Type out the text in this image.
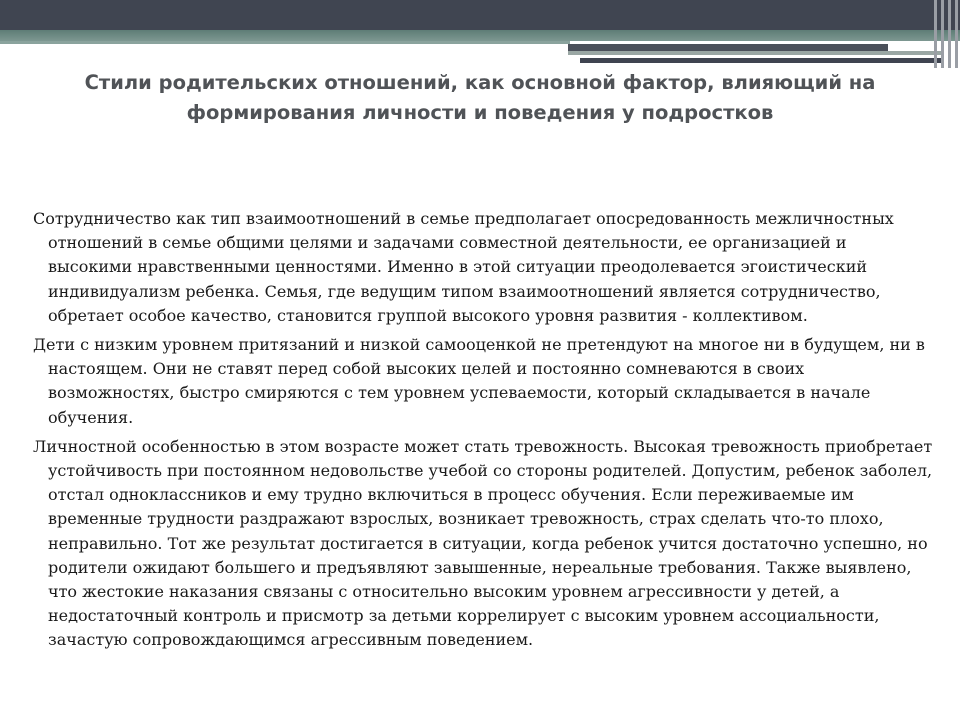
Стили родительских отношений, как основной фактор, влияющий на формирования личности и поведения у подростков

Сотрудничество как тип взаимоотношений в семье предполагает опосредованность межличностных отношений в семье общими целями и задачами совместной деятельности, ее организацией и высокими нравственными ценностями. Именно в этой ситуации преодолевается эгоистический индивидуализм ребенка. Семья, где ведущим типом взаимоотношений является сотрудничество, обретает особое качество, становится группой высокого уровня развития - коллективом.

Дети с низким уровнем притязаний и низкой самооценкой не претендуют на многое ни в будущем, ни в настоящем. Они не ставят перед собой высоких целей и постоянно сомневаются в своих возможностях, быстро смиряются с тем уровнем успеваемости, который складывается в начале обучения.

Личностной особенностью в этом возрасте может стать тревожность. Высокая тревожность приобретает устойчивость при постоянном недовольстве учебой со стороны родителей. Допустим, ребенок заболел, отстал одноклассников и ему трудно включиться в процесс обучения. Если переживаемые им временные трудности раздражают взрослых, возникает тревожность, страх сделать что-то плохо, неправильно. Тот же результат достигается в ситуации, когда ребенок учится достаточно успешно, но родители ожидают большего и предъявляют завышенные, нереальные требования. Также выявлено, что жестокие наказания связаны с относительно высоким уровнем агрессивности у детей, а недостаточный контроль и присмотр за детьми коррелирует с высоким уровнем ассоциальности, зачастую сопровождающимся агрессивным поведением.
